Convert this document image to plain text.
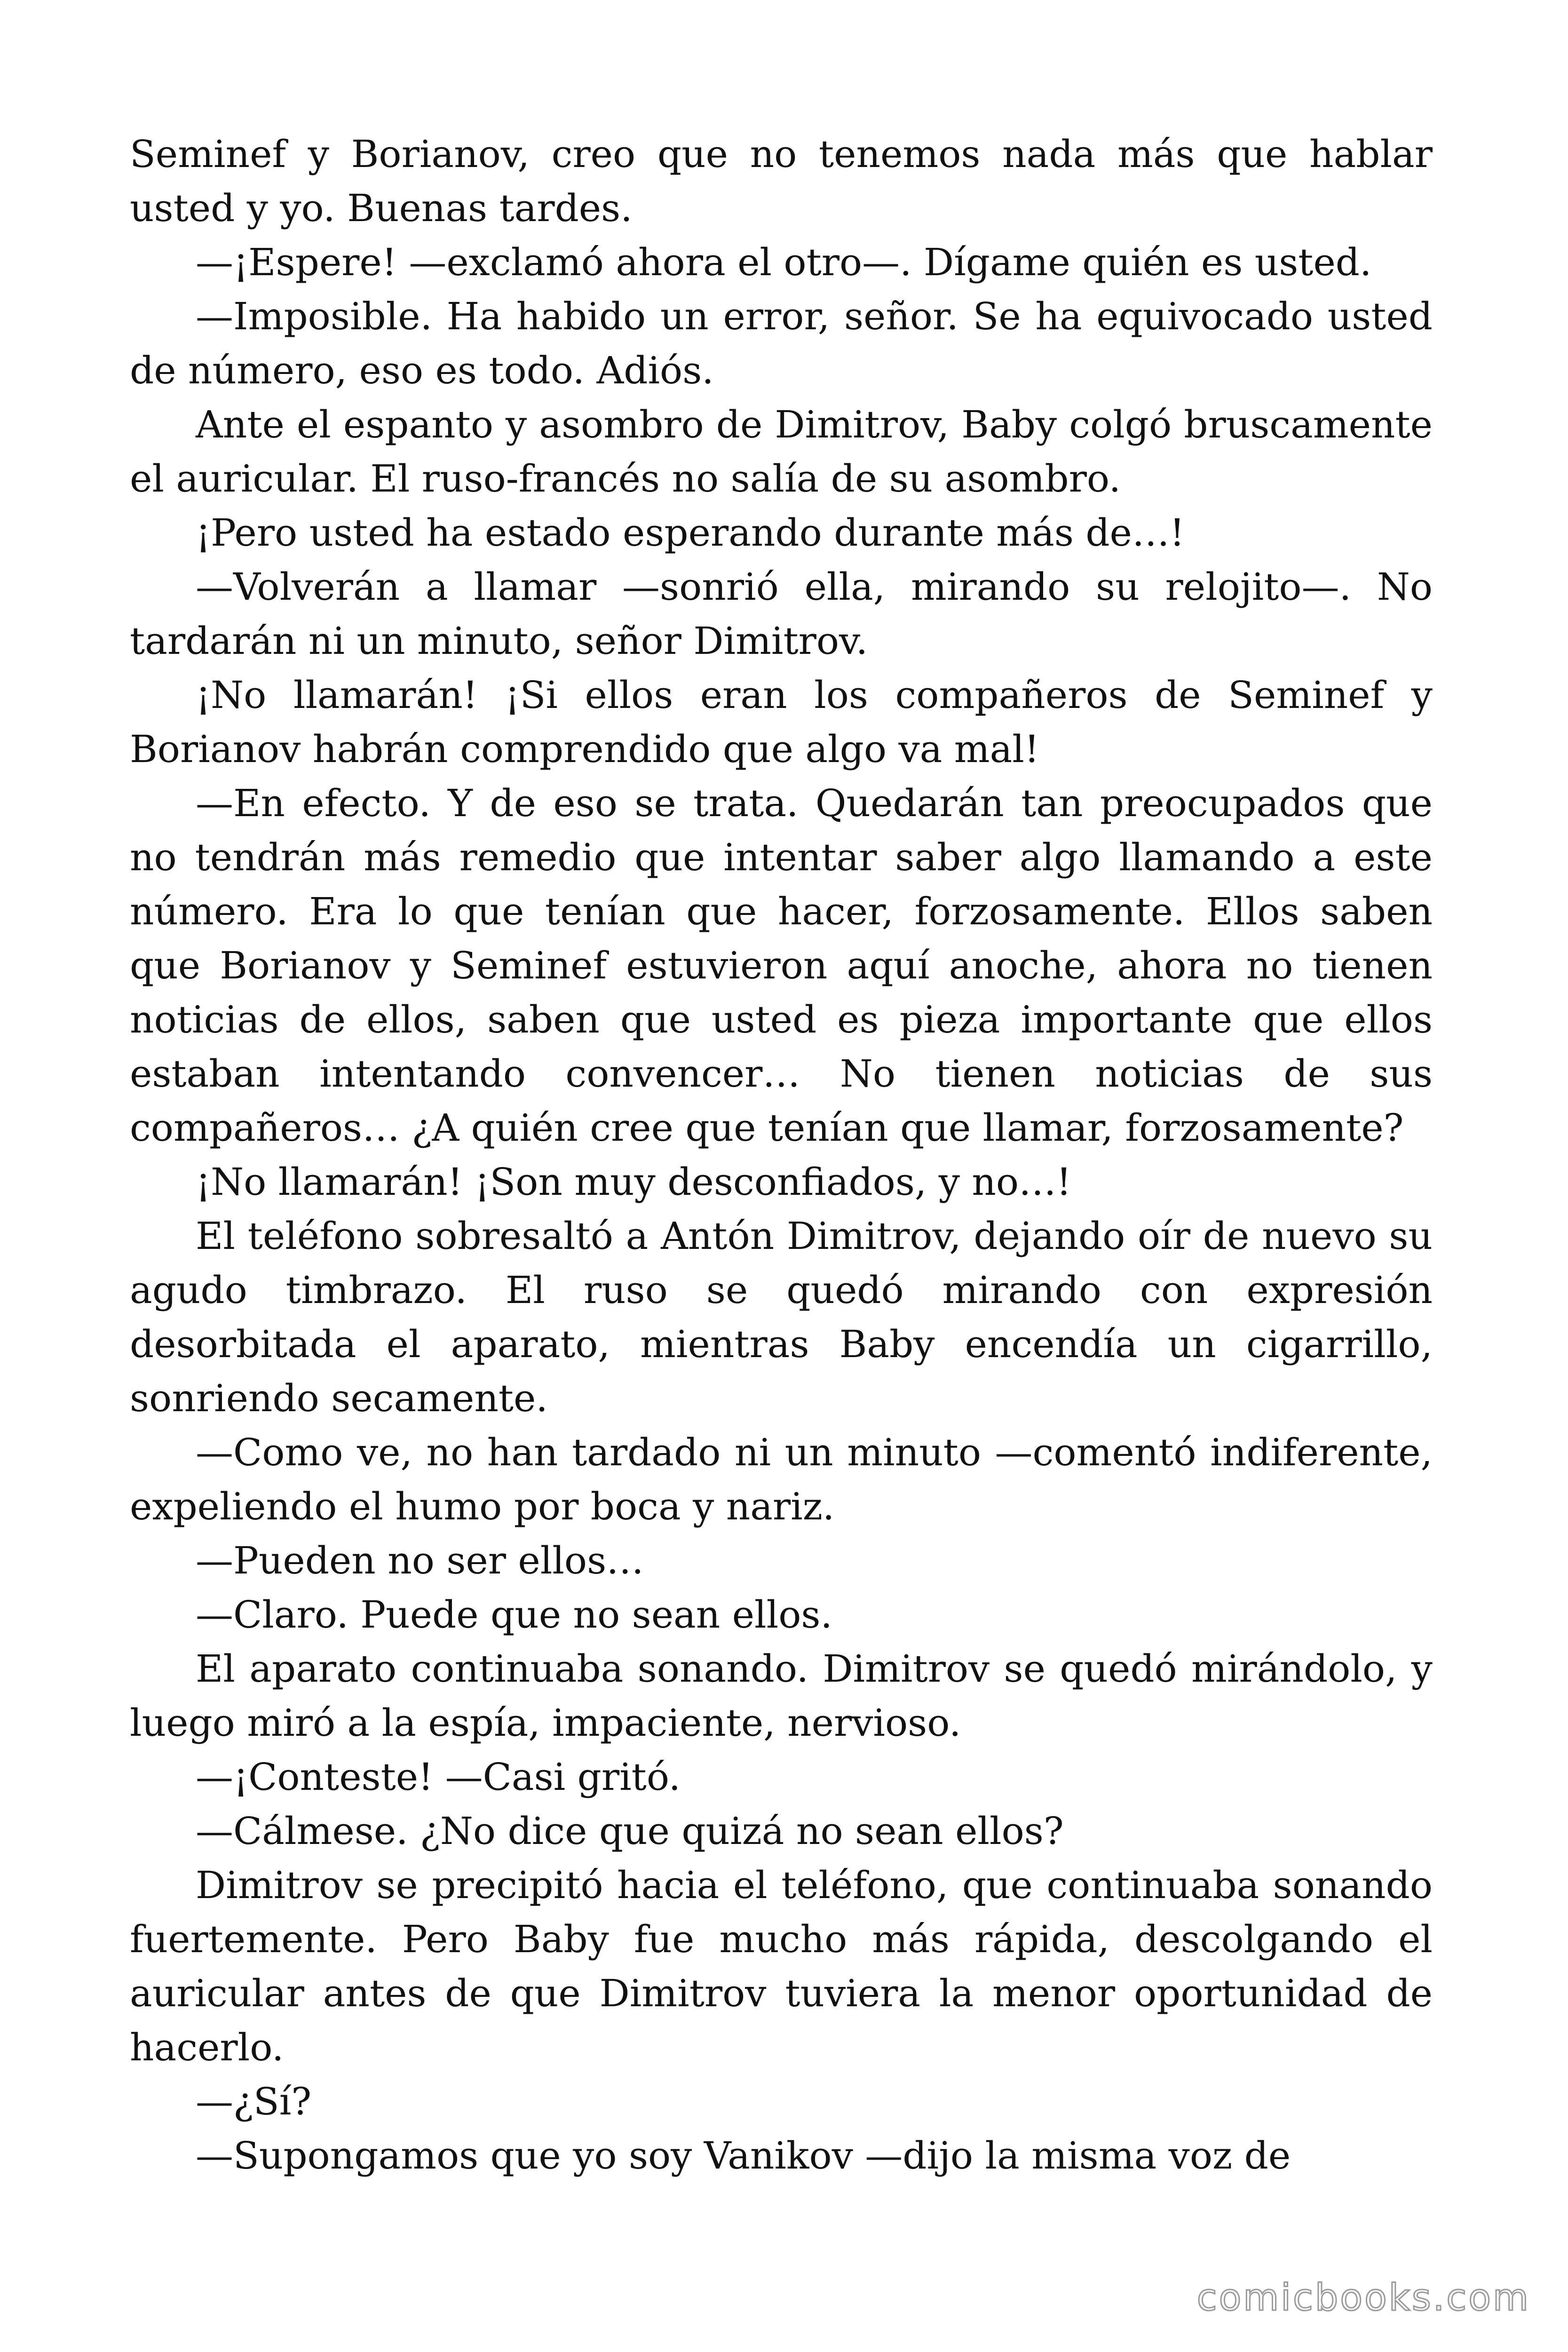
Seminef y Borianov, creo que no tenemos nada más que hablar usted y yo. Buenas tardes.

—¡Espere! —exclamó ahora el otro—. Dígame quién es usted.

—Imposible. Ha habido un error, señor. Se ha equivocado usted de número, eso es todo. Adiós.

Ante el espanto y asombro de Dimitrov, Baby colgó bruscamente el auricular. El ruso-francés no salía de su asombro.

¡Pero usted ha estado esperando durante más de…!

—Volverán a llamar —sonrió ella, mirando su relojito—. No tardarán ni un minuto, señor Dimitrov.

¡No llamarán! ¡Si ellos eran los compañeros de Seminef y Borianov habrán comprendido que algo va mal!

—En efecto. Y de eso se trata. Quedarán tan preocupados que no tendrán más remedio que intentar saber algo llamando a este número. Era lo que tenían que hacer, forzosamente. Ellos saben que Borianov y Seminef estuvieron aquí anoche, ahora no tienen noticias de ellos, saben que usted es pieza importante que ellos estaban intentando convencer… No tienen noticias de sus compañeros… ¿A quién cree que tenían que llamar, forzosamente?

¡No llamarán! ¡Son muy desconfiados, y no…!

El teléfono sobresaltó a Antón Dimitrov, dejando oír de nuevo su agudo timbrazo. El ruso se quedó mirando con expresión desorbitada el aparato, mientras Baby encendía un cigarrillo, sonriendo secamente.

—Como ve, no han tardado ni un minuto —comentó indiferente, expeliendo el humo por boca y nariz.

—Pueden no ser ellos…

—Claro. Puede que no sean ellos.

El aparato continuaba sonando. Dimitrov se quedó mirándolo, y luego miró a la espía, impaciente, nervioso.

—¡Conteste! —Casi gritó.

—Cálmese. ¿No dice que quizá no sean ellos?

Dimitrov se precipitó hacia el teléfono, que continuaba sonando fuertemente. Pero Baby fue mucho más rápida, descolgando el auricular antes de que Dimitrov tuviera la menor oportunidad de hacerlo.

—¿Sí?

—Supongamos que yo soy Vanikov —dijo la misma voz de

comicbooks.com
